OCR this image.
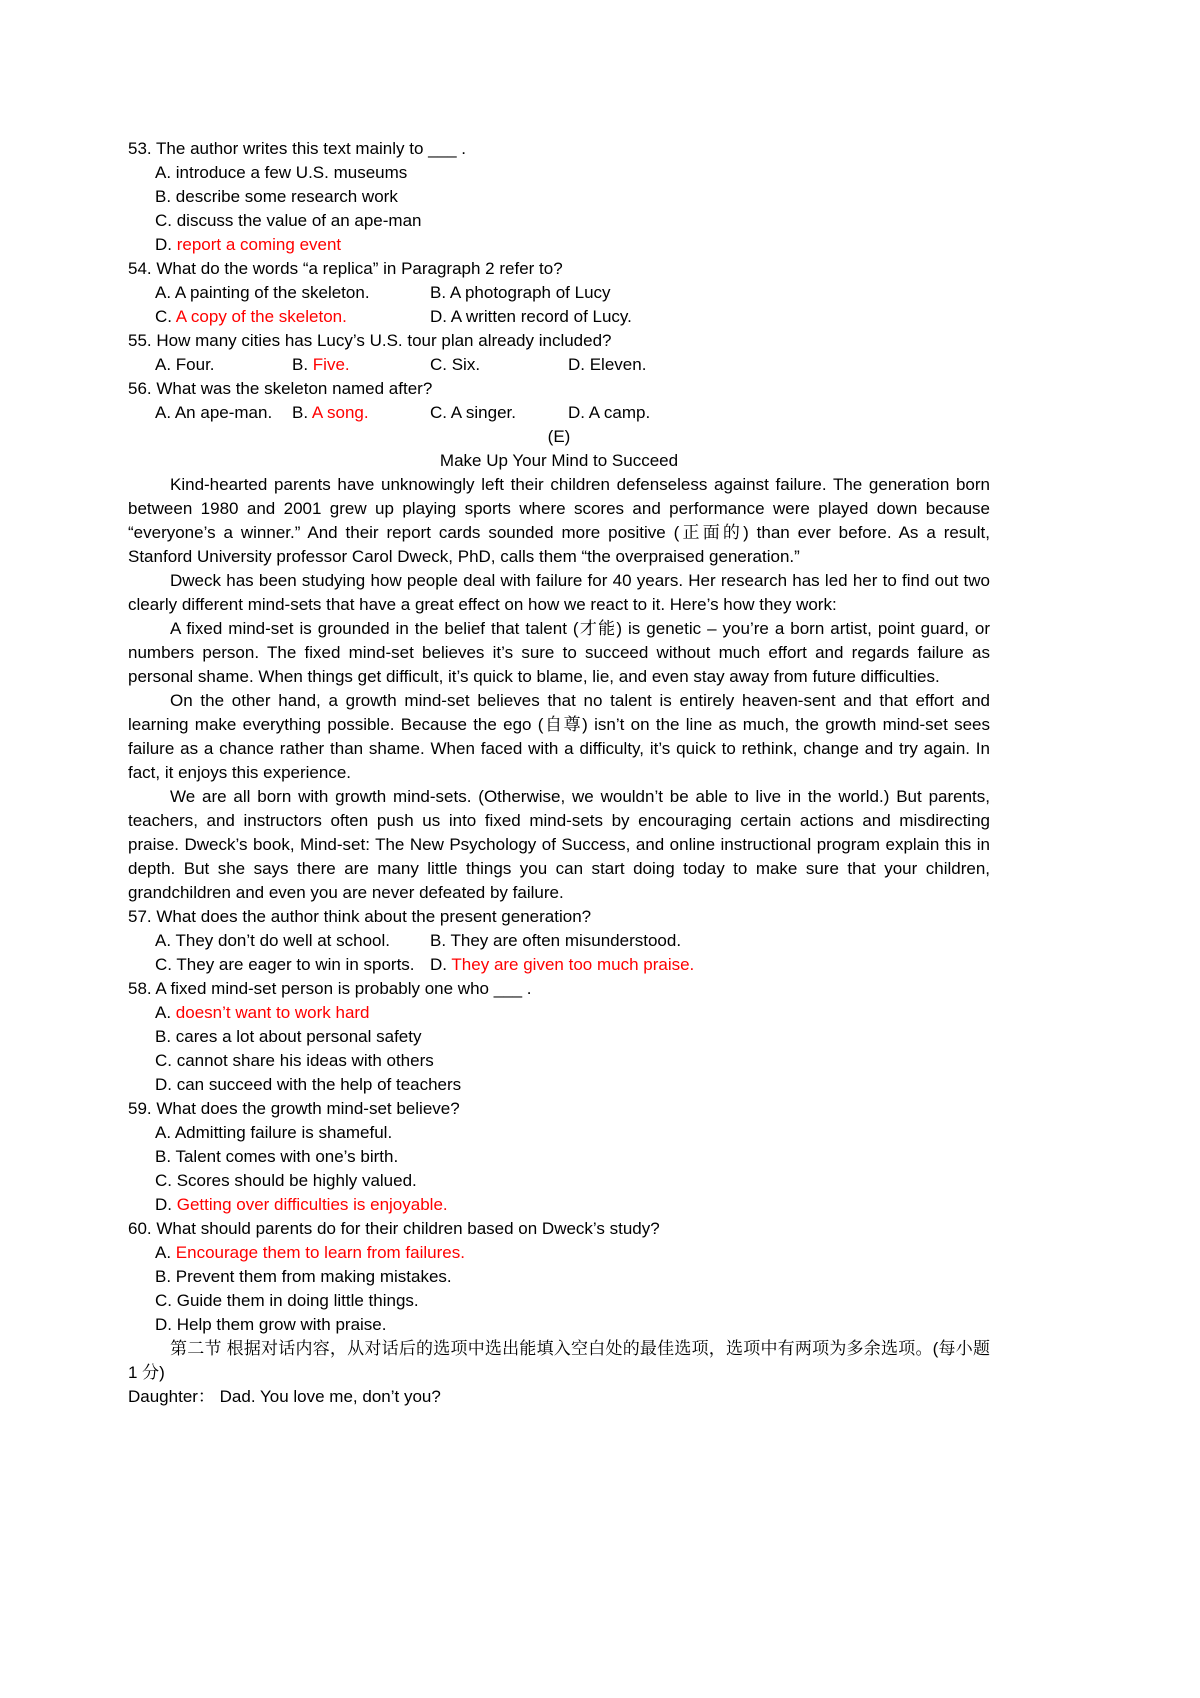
53. The author writes this text mainly to ___ .
A. introduce a few U.S. museums
B. describe some research work
C. discuss the value of an ape-man
D. report a coming event
54. What do the words “a replica” in Paragraph 2 refer to?
A. A painting of the skeleton.	B. A photograph of Lucy
C. A copy of the skeleton.	D. A written record of Lucy.
55. How many cities has Lucy’s U.S. tour plan already included?
A. Four.	B. Five.	C. Six.	D. Eleven.
56. What was the skeleton named after?
A. An ape-man. B. A song.	C. A singer.	D. A camp.
(E)
Make Up Your Mind to Succeed

Kind-hearted parents have unknowingly left their children defenseless against failure. The generation born between 1980 and 2001 grew up playing sports where scores and performance were played down because “everyone’s a winner.” And their report cards sounded more positive (正面的) than ever before. As a result, Stanford University professor Carol Dweck, PhD, calls them “the overpraised generation.”

Dweck has been studying how people deal with failure for 40 years. Her research has led her to find out two clearly different mind-sets that have a great effect on how we react to it. Here’s how they work:

A fixed mind-set is grounded in the belief that talent (才能) is genetic – you’re a born artist, point guard, or numbers person. The fixed mind-set believes it’s sure to succeed without much effort and regards failure as personal shame. When things get difficult, it’s quick to blame, lie, and even stay away from future difficulties.

On the other hand, a growth mind-set believes that no talent is entirely heaven-sent and that effort and learning make everything possible. Because the ego (自尊) isn’t on the line as much, the growth mind-set sees failure as a chance rather than shame. When faced with a difficulty, it’s quick to rethink, change and try again. In fact, it enjoys this experience.

We are all born with growth mind-sets. (Otherwise, we wouldn’t be able to live in the world.) But parents, teachers, and instructors often push us into fixed mind-sets by encouraging certain actions and misdirecting praise. Dweck’s book, Mind-set: The New Psychology of Success, and online instructional program explain this in depth. But she says there are many little things you can start doing today to make sure that your children, grandchildren and even you are never defeated by failure.

57. What does the author think about the present generation?
A. They don’t do well at school. B. They are often misunderstood.
C. They are eager to win in sports. D. They are given too much praise.
58. A fixed mind-set person is probably one who ___ .
A. doesn’t want to work hard
B. cares a lot about personal safety
C. cannot share his ideas with others
D. can succeed with the help of teachers
59. What does the growth mind-set believe?
A. Admitting failure is shameful.
B. Talent comes with one’s birth.
C. Scores should be highly valued.
D. Getting over difficulties is enjoyable.
60. What should parents do for their children based on Dweck’s study?
A. Encourage them to learn from failures.
B. Prevent them from making mistakes.
C. Guide them in doing little things.
D. Help them grow with praise.

第二节 根据对话内容，从对话后的选项中选出能填入空白处的最佳选项，选项中有两项为多余选项。(每小题 1 分)

Daughter： Dad. You love me, don’t you?
